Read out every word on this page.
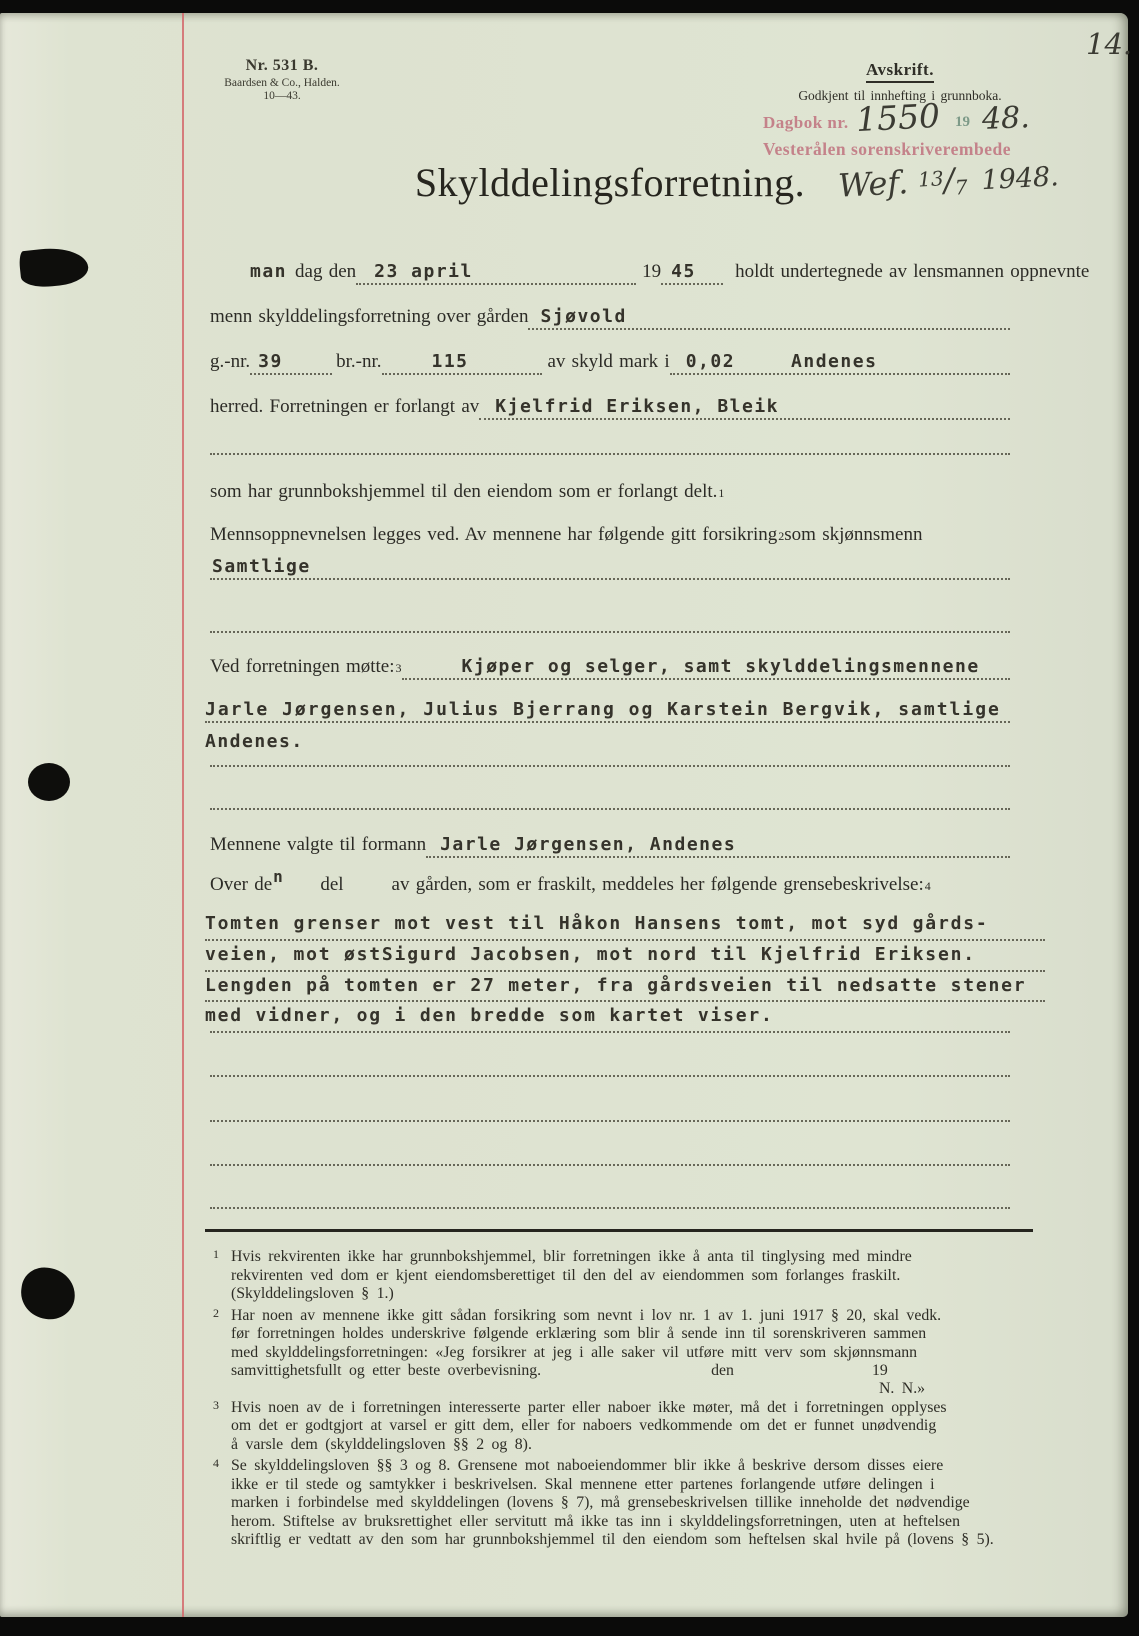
14.
Nr. 531 B.
Baardsen & Co., Halden.
10—43.
Avskrift.
Godkjent til innhefting i grunnboka.
Dagbok nr. 1550 19 48.
Vesterålen sorenskriverembede
Skylddelingsforretning. Wef. 13/7 1948.
man dag den	23 april	19 45	holdt undertegnede av lensmannen oppnevnte
menn skylddelingsforretning over gården Sjøvold
g.-nr. 39	br.-nr.	115	av skyld mark i 0,02	Andenes
herred. Forretningen er forlangt av Kjelfrid Eriksen, Bleik
som har grunnbokshjemmel til den eiendom som er forlangt delt. 1
Mennsoppnevnelsen legges ved. Av mennene har følgende gitt forsikring 2 som skjønnsmenn
Samtlige
Ved forretningen møtte: 3	Kjøper og selger, samt skylddelingsmennene
Jarle Jørgensen, Julius Bjerrang og Karstein Bergvik, samtlige
Andenes.
Mennene valgte til formann Jarle Jørgensen, Andenes
Over de n del	av gården, som er fraskilt, meddeles her følgende grensebeskrivelse: 4
Tomten grenser mot vest til Håkon Hansens tomt, mot syd gårds-
veien, mot østSigurd Jacobsen, mot nord til Kjelfrid Eriksen.
Lengden på tomten er 27 meter, fra gårdsveien til nedsatte stener
med vidner, og i den bredde som kartet viser.
1 Hvis rekvirenten ikke har grunnbokshjemmel, blir forretningen ikke å anta til tinglysing med mindre
rekvirenten ved dom er kjent eiendomsberettiget til den del av eiendommen som forlanges fraskilt.
(Skylddelingsloven § 1.)
2 Har noen av mennene ikke gitt sådan forsikring som nevnt i lov nr. 1 av 1. juni 1917 § 20, skal vedk.
før forretningen holdes underskrive følgende erklæring som blir å sende inn til sorenskriveren sammen
med skylddelingsforretningen: «Jeg forsikrer at jeg i alle saker vil utføre mitt verv som skjønnsmann
samvittighetsfullt og etter beste overbevisning.	den	19
N. N.»
3 Hvis noen av de i forretningen interesserte parter eller naboer ikke møter, må det i forretningen opplyses
om det er godtgjort at varsel er gitt dem, eller for naboers vedkommende om det er funnet unødvendig
å varsle dem (skylddelingsloven §§ 2 og 8).
4 Se skylddelingsloven §§ 3 og 8. Grensene mot naboeiendommer blir ikke å beskrive dersom disses eiere
ikke er til stede og samtykker i beskrivelsen. Skal mennene etter partenes forlangende utføre delingen i
marken i forbindelse med skylddelingen (lovens § 7), må grensebeskrivelsen tillike inneholde det nødvendige
herom. Stiftelse av bruksrettighet eller servitutt må ikke tas inn i skylddelingsforretningen, uten at heftelsen
skriftlig er vedtatt av den som har grunnbokshjemmel til den eiendom som heftelsen skal hvile på (lovens § 5).
